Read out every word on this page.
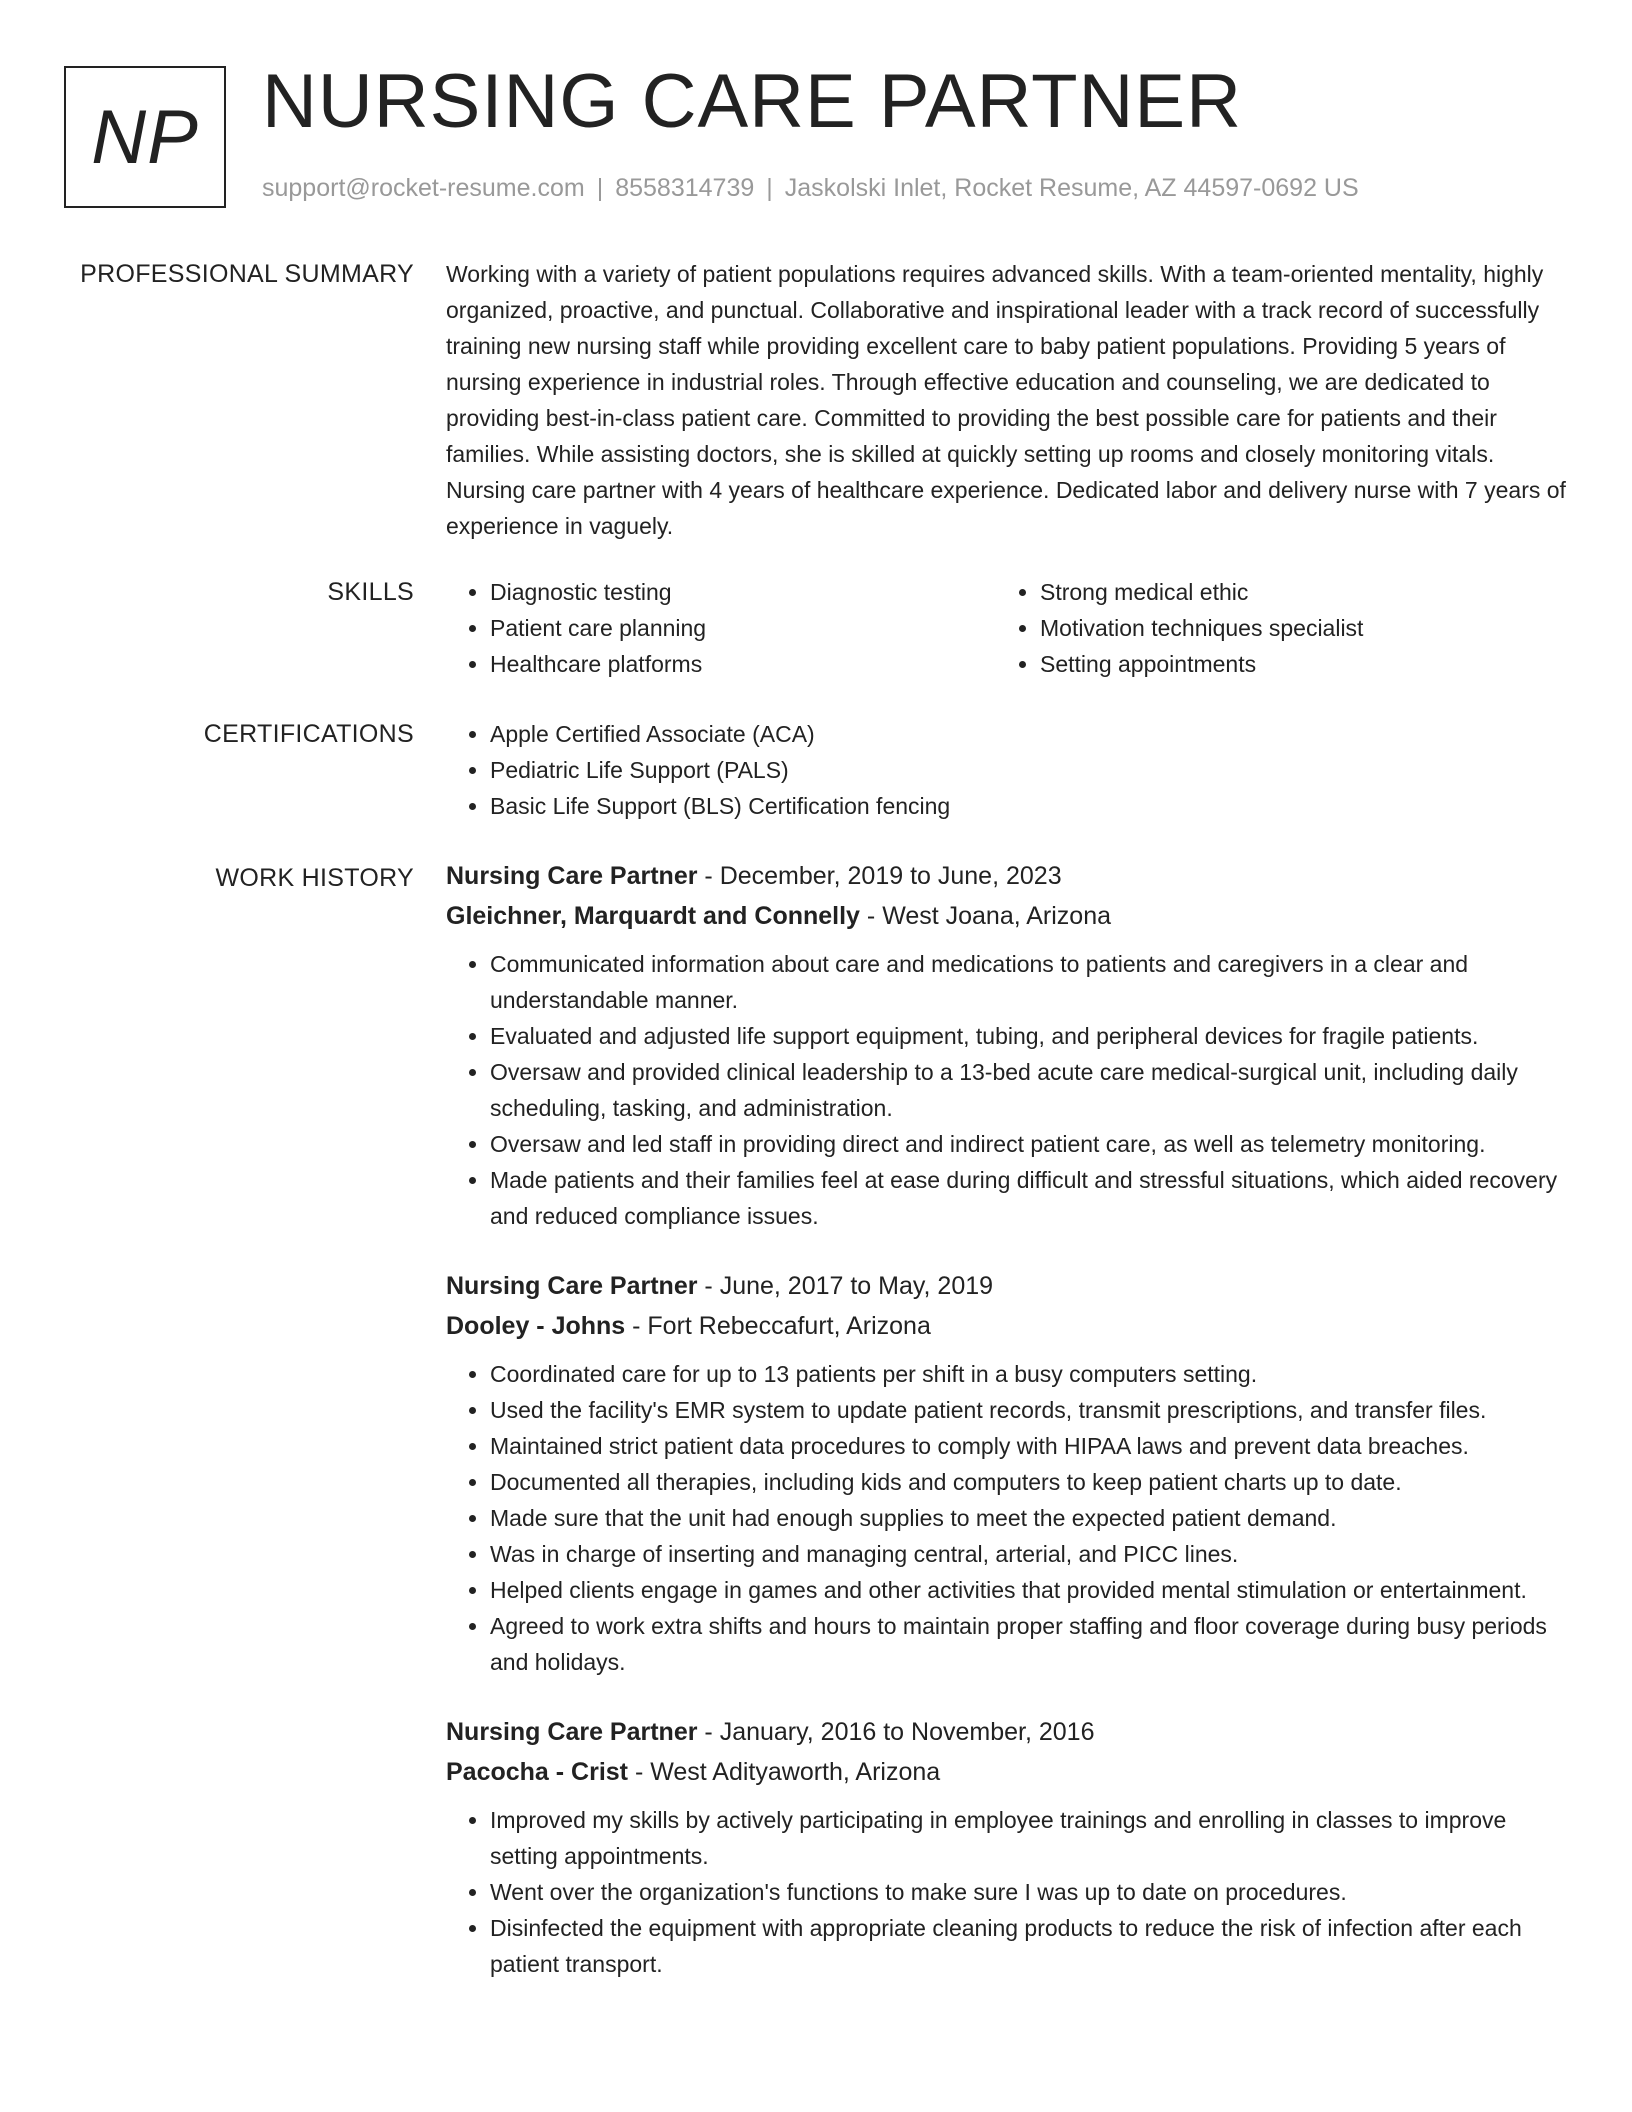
NP NURSING CARE PARTNER
support@rocket-resume.com | 8558314739 | Jaskolski Inlet, Rocket Resume, AZ 44597-0692 US
PROFESSIONAL SUMMARY Working with a variety of patient populations requires advanced skills. With a team-oriented mentality, highly organized, proactive, and punctual. Collaborative and inspirational leader with a track record of successfully training new nursing staff while providing excellent care to baby patient populations. Providing 5 years of nursing experience in industrial roles. Through effective education and counseling, we are dedicated to providing best-in-class patient care. Committed to providing the best possible care for patients and their families. While assisting doctors, she is skilled at quickly setting up rooms and closely monitoring vitals. Nursing care partner with 4 years of healthcare experience. Dedicated labor and delivery nurse with 7 years of experience in vaguely.

SKILLS	• Diagnostic testing
• Patient care planning
• Healthcare platforms
• Strong medical ethic
• Motivation techniques specialist
• Setting appointments
CERTIFICATIONS	• Apple Certified Associate (ACA)
• Pediatric Life Support (PALS)
• Basic Life Support (BLS) Certification fencing
WORK HISTORY Nursing Care Partner - December, 2019 to June, 2023
Gleichner, Marquardt and Connelly - West Joana, Arizona
• Communicated information about care and medications to patients and caregivers in a clear and understandable manner.
• Evaluated and adjusted life support equipment, tubing, and peripheral devices for fragile patients.
• Oversaw and provided clinical leadership to a 13-bed acute care medical-surgical unit, including daily scheduling, tasking, and administration.
• Oversaw and led staff in providing direct and indirect patient care, as well as telemetry monitoring.
• Made patients and their families feel at ease during difficult and stressful situations, which aided recovery and reduced compliance issues.
Nursing Care Partner - June, 2017 to May, 2019
Dooley - Johns - Fort Rebeccafurt, Arizona
• Coordinated care for up to 13 patients per shift in a busy computers setting.
• Used the facility's EMR system to update patient records, transmit prescriptions, and transfer files.
• Maintained strict patient data procedures to comply with HIPAA laws and prevent data breaches.
• Documented all therapies, including kids and computers to keep patient charts up to date.
• Made sure that the unit had enough supplies to meet the expected patient demand.
• Was in charge of inserting and managing central, arterial, and PICC lines.
• Helped clients engage in games and other activities that provided mental stimulation or entertainment.
• Agreed to work extra shifts and hours to maintain proper staffing and floor coverage during busy periods and holidays.
Nursing Care Partner - January, 2016 to November, 2016
Pacocha - Crist - West Adityaworth, Arizona
• Improved my skills by actively participating in employee trainings and enrolling in classes to improve setting appointments.
• Went over the organization's functions to make sure I was up to date on procedures.
• Disinfected the equipment with appropriate cleaning products to reduce the risk of infection after each patient transport.
